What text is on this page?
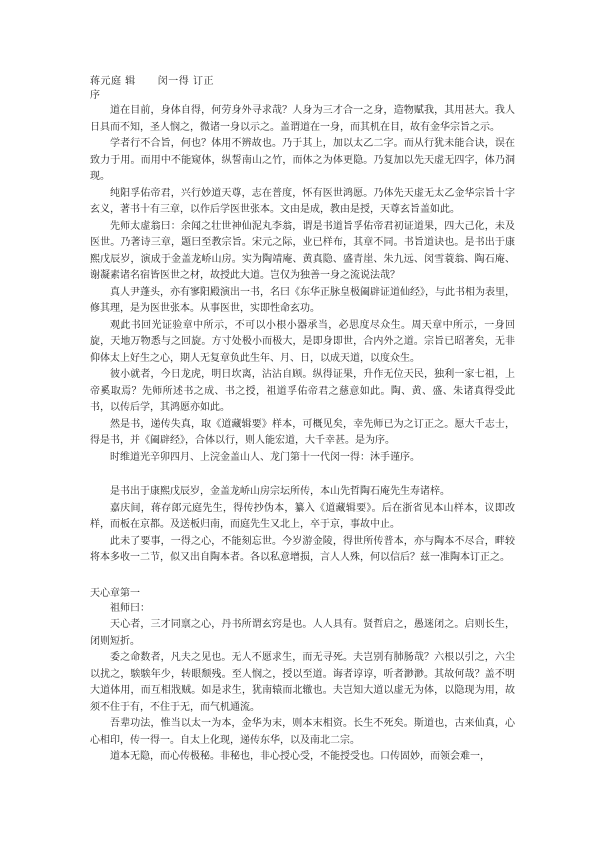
蒋元庭 辑 闵一得 订正
序

道在目前，身体自得，何劳身外寻求哉？人身为三才合一之身，造物赋我，其用甚大。我人日具而不知，圣人悯之，微诸一身以示之。盖谓道在一身，而其机在目，故有金华宗旨之示。

学者行不合旨，何也？体用不辨故也。乃于其上，加以太乙二字。而从行犹未能合诀，误在致力于用。而用中不能窥体，纵誓南山之竹，而体之为体更隐。乃复加以先天虚无四字，体乃洞现。

纯阳孚佑帝君，兴行妙道天尊，志在普度，怀有医世鸿愿。乃体先天虚无太乙金华宗旨十字玄义，著书十有三章，以作后学医世张本。文由是成，教由是授，天尊玄旨盖如此。

先师太虚翁曰：余闻之壮世神仙泥丸李翁，谓是书道旨孚佑帝君初证道果，四大己化，未及医世。乃著诗三章，题曰至教宗旨。宋元之际，业已样布，其章不同。书旨道诀也。是书出于康熙戊辰岁，演成于金盖龙峤山房。实为陶靖庵、黄真隐、盛青崖、朱九远、闵雪蓑翁、陶石庵、谢凝素诸名宿皆医世之材，故授此大道。岂仅为独善一身之流说法哉？

真人尹蓬头，亦有寥阳殿演出一书，名曰《东华正脉皇极阖辟证道仙经》，与此书相为表里，修其理，是为医世张本。从事医世，实即性命玄功。

观此书回光证验章中所示，不可以小根小器承当，必思度尽众生。周天章中所示，一身回旋，天地万物悉与之回旋。方寸处极小而极大，是即身即世，合内外之道。宗旨已昭著矣，无非仰体太上好生之心，期人无复章负此生年、月、日，以成天道，以度众生。

彼小就者，今日龙虎，明日坎离，沾沾自顾。纵得证果，升作无位天民，独利一家七祖，上帝奚取焉？先师所述书之成、书之授，祖道孚佑帝君之慈意如此。陶、黄、盛、朱诸真得受此书，以传后学，其鸿愿亦如此。

然是书，递传失真，取《道藏辑要》样本，可概见矣，幸先师已为之订正之。愿大千志士，得是书，并《阖辟经》，合体以行，则人能宏道，大千幸甚。是为序。

时维道光辛卯四月、上浣金盖山人、龙门第十一代闵一得：沐手谨序。

是书出于康熙戊辰岁，金盖龙峤山房宗坛所传，本山先哲陶石庵先生寿诸梓。

嘉庆间，蒋存郎元庭先生，得传抄伪本，纂入《道藏辑要》。后在浙省见本山样本，议即改样，而板在京都。及送板归南，而庭先生又北上，卒于京，事故中止。

此未了要事，一得之心，不能刻忘世。今岁游金陵，得世所传普本，亦与陶本不尽合，畔较将本多收一二节，似又出自陶本者。各以私意增损，言人人殊，何以信后？兹一准陶本订正之。

天心章第一

祖师曰：

天心者，三才同禀之心，丹书所谓玄窍是也。人人具有。贤哲启之，愚迷闭之。启则长生，闭则短折。

委之命数者，凡夫之见也。无人不愿求生，而无寻死。夫岂别有肺肠哉？六根以引之，六尘以扰之，騃騃年少，转眼颓残。至人悯之，授以至道。诲者谆谆，听者渺渺。其故何哉？盖不明大道体用，而互相戕贼。如是求生，犹南辕而北辙也。夫岂知大道以虚无为体，以隐现为用，故须不住于有，不住于无，而气机通流。

吾辈功法，惟当以太一为本，金华为末，则本末相资。长生不死矣。斯道也，古来仙真，心心相印，传一得一。自太上化现，递传东华，以及南北二宗。

道本无隐，而心传极秘。非秘也，非心授心受，不能授受也。口传固妙，而领会难一，
